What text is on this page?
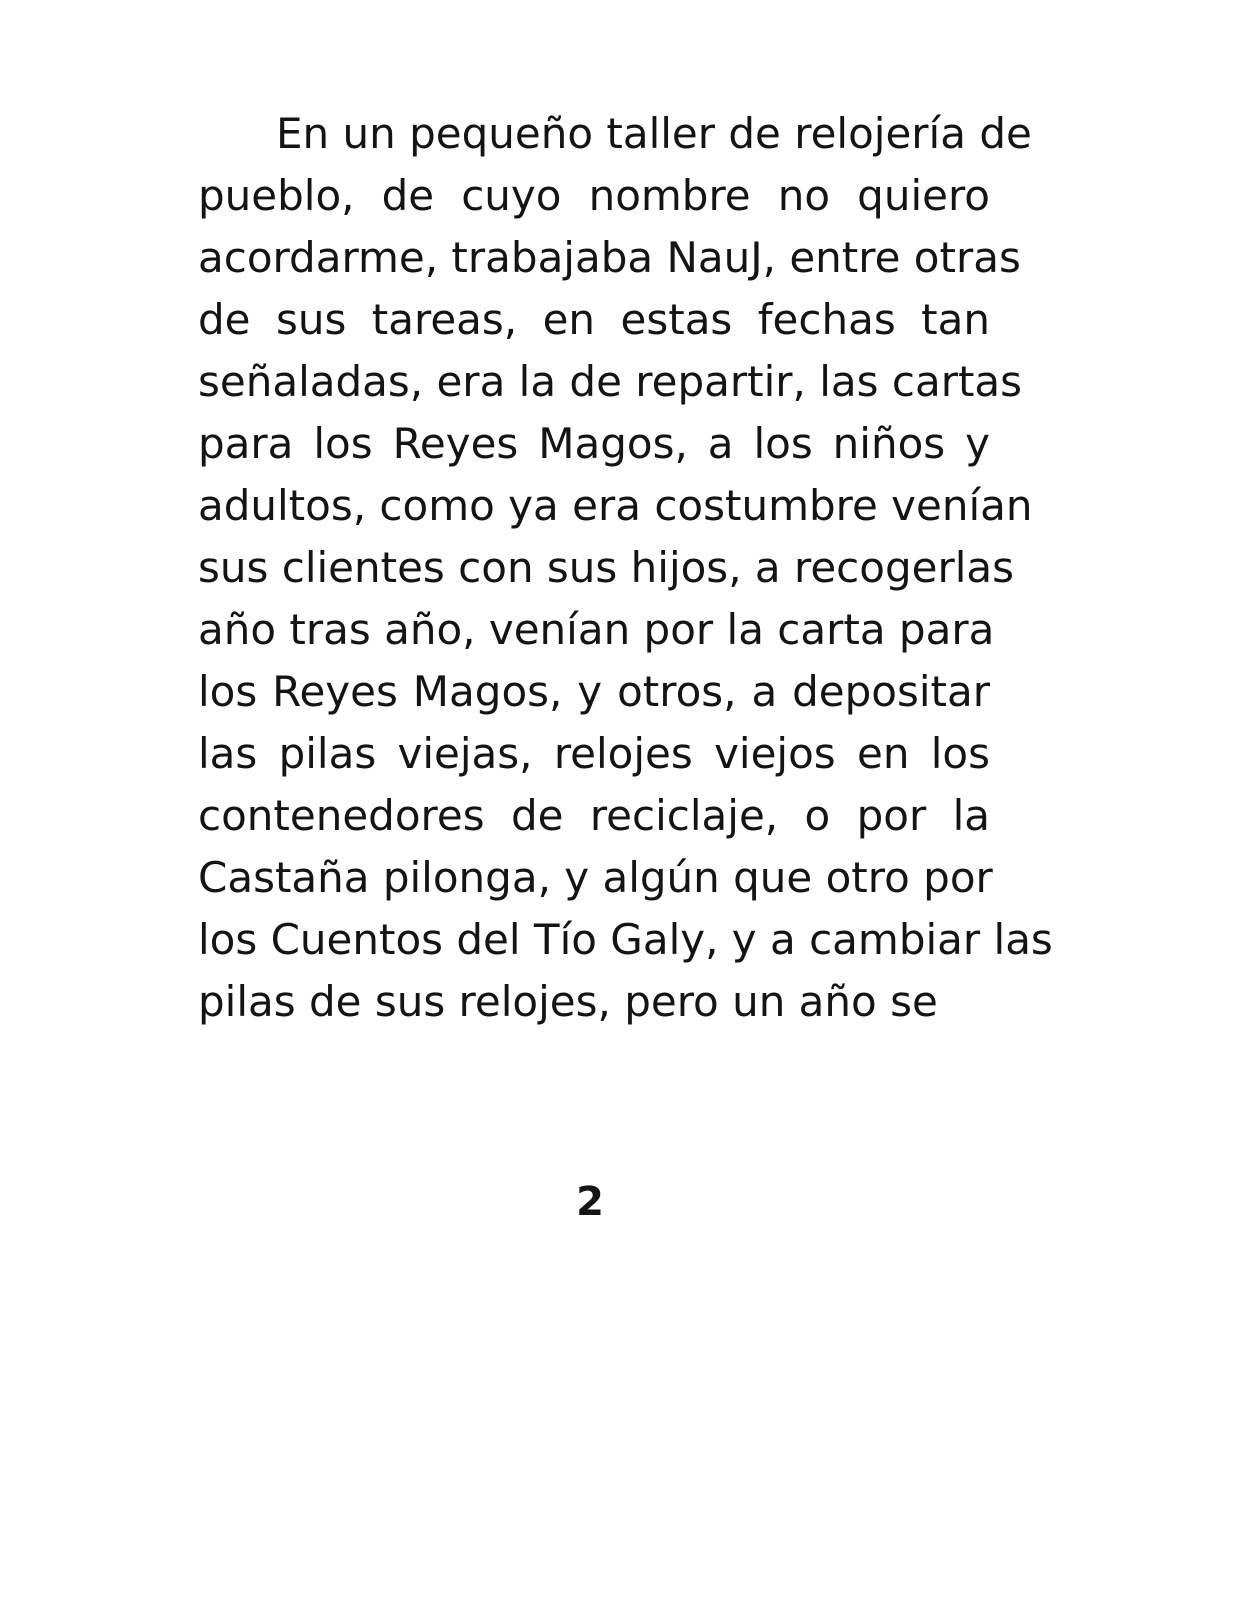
En un pequeño taller de relojería de
pueblo, de cuyo nombre no quiero
acordarme, trabajaba NauJ, entre otras
de sus tareas, en estas fechas tan
señaladas, era la de repartir, las cartas
para los Reyes Magos, a los niños y
adultos, como ya era costumbre venían
sus clientes con sus hijos, a recogerlas
año tras año, venían por la carta para
los Reyes Magos, y otros, a depositar
las pilas viejas, relojes viejos en los
contenedores de reciclaje, o por la
Castaña pilonga, y algún que otro por
los Cuentos del Tío Galy, y a cambiar las
pilas de sus relojes, pero un año se
2
